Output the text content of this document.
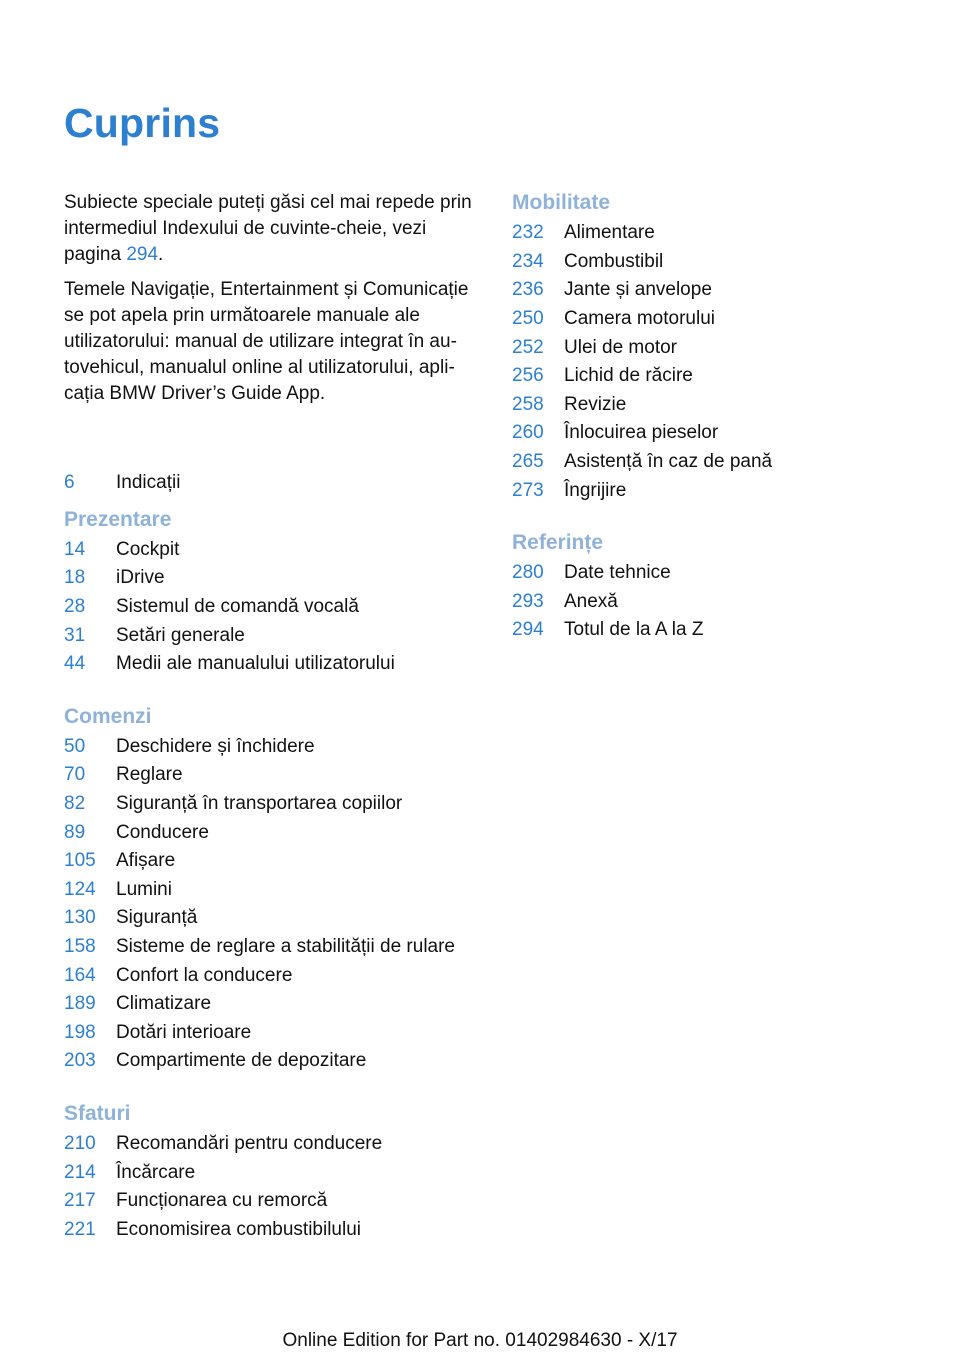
Cuprins

Subiecte speciale puteți găsi cel mai repede prin intermediul Indexului de cuvinte-cheie, vezi pagina 294.

Temele Navigație, Entertainment și Comunicație se pot apela prin următoarele manuale ale utilizatorului: manual de utilizare integrat în autovehicul, manualul online al utilizatorului, aplicația BMW Driver’s Guide App.

6	Indicații
Prezentare
14	Cockpit
18	iDrive
28	Sistemul de comandă vocală
31	Setări generale
44	Medii ale manualului utilizatorului
Comenzi
50	Deschidere și închidere
70	Reglare
82	Siguranță în transportarea copiilor
89	Conducere
105	Afișare
124	Lumini
130	Siguranță
158	Sisteme de reglare a stabilității de rulare
164	Confort la conducere
189	Climatizare
198	Dotări interioare
203	Compartimente de depozitare
Sfaturi
210	Recomandări pentru conducere
214	Încărcare
217	Funcționarea cu remorcă
221	Economisirea combustibilului
Mobilitate
232	Alimentare
234	Combustibil
236	Jante și anvelope
250	Camera motorului
252	Ulei de motor
256	Lichid de răcire
258	Revizie
260	Înlocuirea pieselor
265	Asistență în caz de pană
273	Îngrijire
Referințe
280	Date tehnice
293	Anexă
294	Totul de la A la Z
Online Edition for Part no. 01402984630 - X/17
